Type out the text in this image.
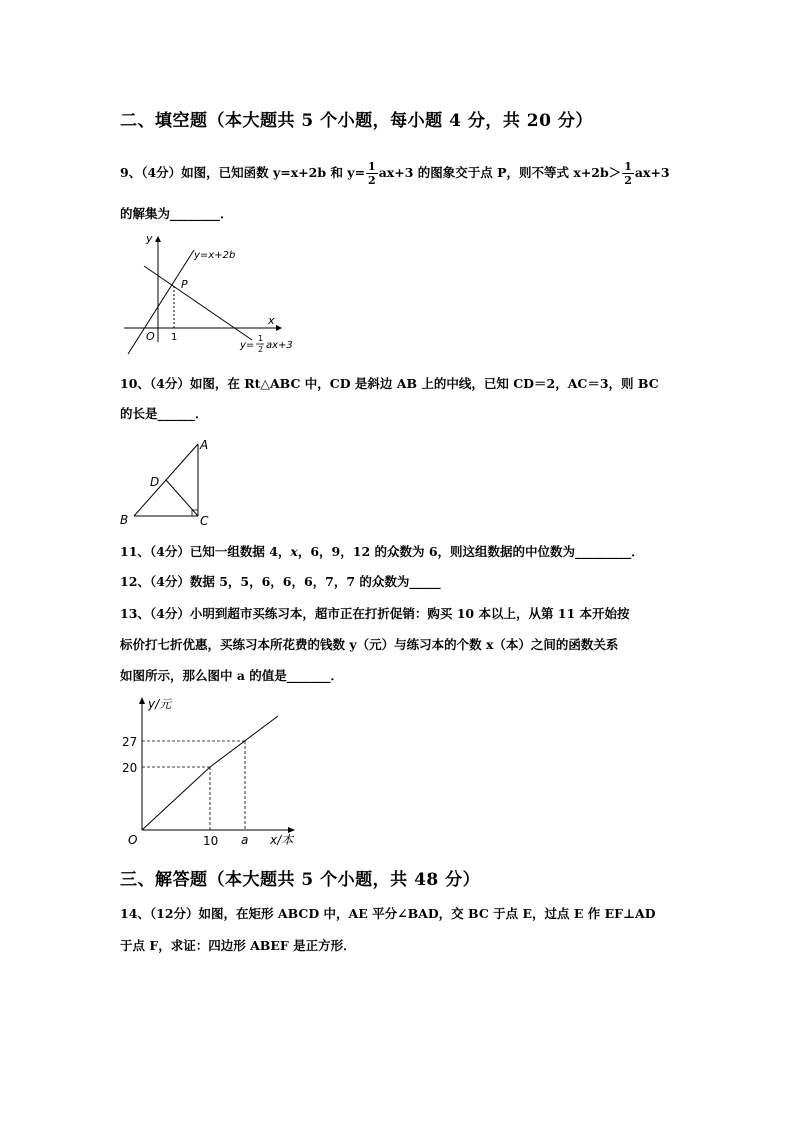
二、填空题（本大题共 5 个小题，每小题 4 分，共 20 分）
9、（4分）如图，已知函数 y=x+2b 和 $y= \frac{1}{2} ax+3$ 的图象交于点 P，则不等式 $x+2b> \frac{1}{2} ax+3$
的解集为________．
y
x
O 1
P
y=x+2b
y=
1
2 ax+3
10、（4分）如图，在 Rt△ABC 中，CD 是斜边 AB 上的中线，已知 CD＝2，AC＝3，则 BC
的长是______．
A
B	C
D
11、（4分）已知一组数据 4，x，6，9，12 的众数为 6，则这组数据的中位数为_________．
12、（4分）数据 5，5，6，6，6，7，7 的众数为_____
13、（4分）小明到超市买练习本，超市正在打折促销：购买 10 本以上，从第 11 本开始按
标价打七折优惠，买练习本所花费的钱数 y（元）与练习本的个数 x（本）之间的函数关系
如图所示，那么图中 a 的值是_______．
y/元
x/本
O
27
20
10 a
三、解答题（本大题共 5 个小题，共 48 分）
14、（12分）如图，在矩形 ABCD 中，AE 平分∠BAD，交 BC 于点 E，过点 E 作 EF⊥AD
于点 F，求证：四边形 ABEF 是正方形．
